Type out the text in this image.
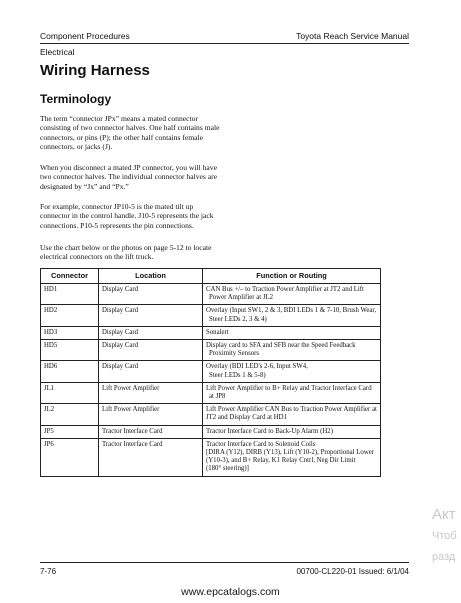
Component Procedures	Toyota Reach Service Manual
Electrical
Wiring Harness
Terminology
The term “connector JPx” means a mated connector consisting of two connector halves. One half contains male connectors, or pins (P); the other half contains female connectors, or jacks (J).
When you disconnect a mated JP connector, you will have two connector halves. The individual connector halves are designated by “Jx” and “Px.”
For example, connector JP10-5 is the mated tilt up connector in the control handle. J10-5 represents the jack connections. P10-5 represents the pin connections.
Use the chart below or the photos on page 5-12 to locate electrical connectors on the lift truck.
Connector	Location	Function or Routing
HD1	Display Card	CAN Bus +/– to Traction Power Amplifier at JT2 and Lift

Power Amplifier at JL2

HD2	Display Card	Overlay (Input SW1, 2 & 3, BDI LEDs 1 & 7-10, Brush Wear,

Steer LEDs 2, 3 & 4)

HD3	Display Card	Sonalert
HD5	Display Card	Display card to SFA and SFB near the Speed Feedback

Proximity Sensors

HD6	Display Card	Overlay (BDI LED's 2-6, Input SW4,

Steer LEDs 1 & 5-8)

JL1	Lift Power Amplifier	Lift Power Amplifier to B+ Relay and Tractor Interface Card

at JP8

JL2	Lift Power Amplifier	Lift Power Amplifier CAN Bus to Traction Power Amplifier at
JT2 and Display Card at HD1
JP5	Tractor Interface Card	Tractor Interface Card to Back-Up Alarm (H2)
JP6	Tractor Interface Card	Tractor Interface Card to Solenoid Coils
[DIRA (Y12), DIRB (Y13), Lift (Y10-2), Proportional Lower
(Y10-3), and B+ Relay, K1 Relay Cntrl, Neg Dir Limit
(180° steering)]
Акт
Чтоб
разд
7-76	00700-CL220-01 Issued: 6/1/04
www.epcatalogs.com
